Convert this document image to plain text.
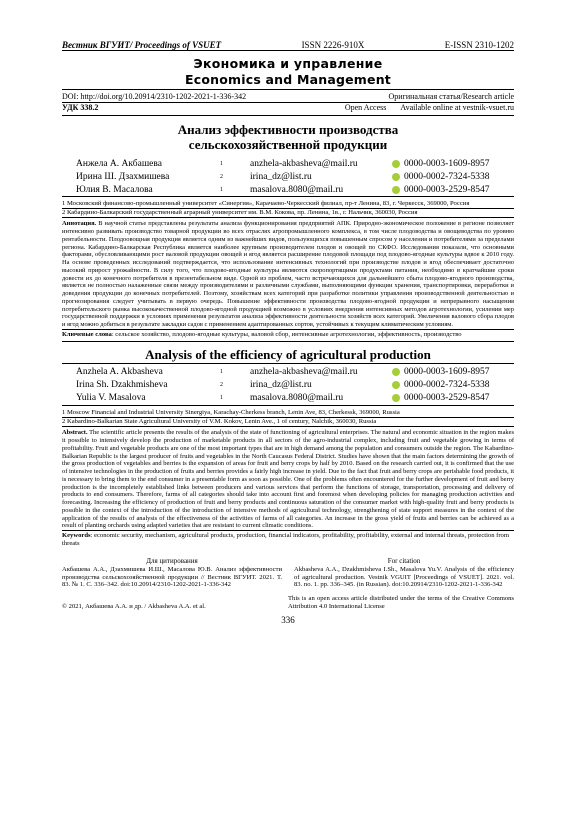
Вестник ВГУИТ/ Proceedings of VSUET	ISSN 2226-910X	E-ISSN 2310-1202
Экономика и управление
Economics and Management
DOI: http://doi.org/10.20914/2310-1202-2021-1-336-342	Оригинальная статья/Research article
УДК 338.2	Open Access Available online at vestnik-vsuet.ru
Анализ эффективности производства сельскохозяйственной продукции
Анжела А. Акбашева	1	anzhela-akbasheva@mail.ru	0000-0003-1609-8957
Ирина Ш. Дзахмишева	2	irina_dz@list.ru	0000-0002-7324-5338
Юлия В. Масалова	1	masalova.8080@mail.ru	0000-0003-2529-8547
1 Московский финансово-промышленный университет «Синергия», Карачаево-Черкесский филиал, пр-т Ленина, 83, г. Черкесск, 369000, Россия
2 Кабардино-Балкарский государственный аграрный университет им. В.М. Кокова, пр. Ленина, 1в., г. Нальчик, 360030, Россия
Аннотация. В научной статье представлены результаты анализа функционирования предприятий АПК. Природно-экономическое положение в регионе позволяет интенсивно развивать производство товарной продукции во всех отраслях агропромышленного комплекса, в том числе плодоводства и овощеводства по уровню рентабельности. Плодоовощная продукция является одним из важнейших видов, пользующихся повышенным спросом у населения и потребителями за пределами региона. Кабардино-Балкарская Республика является наиболее крупным производителем плодов и овощей по СКФО. Исследования показали, что основными факторами, обусловливающими рост валовой продукции овощей и ягод является расширение плодовой площади под плодово-ягодные культуры вдвое к 2010 году. На основе проведенных исследований подтверждается, что использование интенсивных технологий при производстве плодов и ягод обеспечивает достаточно высокий прирост урожайности. В силу того, что плодово-ягодные культуры являются скоропортящими продуктами питания, необходимо в кратчайшие сроки довести их до конечного потребителя в презентабельном виде. Одной из проблем, часто встречающихся для дальнейшего сбыта плодово-ягодного производства, является не полностью налаженные связи между производителями и различными службами, выполняющими функции хранения, транспортировки, переработки и доведения продукции до конечных потребителей. Поэтому, хозяйствам всех категорий при разработке политики управления производственной деятельностью и прогнозирования следует учитывать в первую очередь. Повышение эффективности производства плодово-ягодной продукции и непрерывного насыщения потребительского рынка высококачественной плодово-ягодной продукцией возможно в условиях внедрения интенсивных методов агротехнологии, усилении мер государственной поддержки в условиях применения результатов анализа эффективности деятельности хозяйств всех категорий. Увеличения валового сбора плодов и ягод можно добиться в результате закладки садов с применением адаптированных сортов, устойчивых к текущим климатическим условиям.
Ключевые слова: сельское хозяйство, плодово-ягодные культуры, валовой сбор, интенсивные агротехнологии, эффективность, производство
Analysis of the efficiency of agricultural production
Anzhela A. Akbasheva	1	anzhela-akbasheva@mail.ru	0000-0003-1609-8957
Irina Sh. Dzakhmisheva	2	irina_dz@list.ru	0000-0002-7324-5338
Yulia V. Masalova	1	masalova.8080@mail.ru	0000-0003-2529-8547
1 Moscow Financial and Industrial University Sinergiya, Karachay-Cherkess branch, Lenin Ave, 83, Cherkessk, 369000, Russia
2 Kabardino-Balkarian State Agricultural University of V.M. Kokov, Lenin Ave., 1 of century, Nalchik, 360030, Russia
Abstract. The scientific article presents the results of the analysis of the state of functioning of agricultural enterprises. The natural and economic situation in the region makes it possible to intensively develop the production of marketable products in all sectors of the agro-industrial complex, including fruit and vegetable growing in terms of profitability. Fruit and vegetable products are one of the most important types that are in high demand among the population and consumers outside the region. The Kabardino-Balkarian Republic is the largest producer of fruits and vegetables in the North Caucasus Federal District. Studies have shown that the main factors determining the growth of the gross production of vegetables and berries is the expansion of areas for fruit and berry crops by half by 2010. Based on the research carried out, it is confirmed that the use of intensive technologies in the production of fruits and berries provides a fairly high increase in yield. Due to the fact that fruit and berry crops are perishable food products, it is necessary to bring them to the end consumer in a presentable form as soon as possible. One of the problems often encountered for the further development of fruit and berry production is the incompletely established links between producers and various services that perform the functions of storage, transportation, processing and delivery of products to end consumers. Therefore, farms of all categories should take into account first and foremost when developing policies for managing production activities and forecasting. Increasing the efficiency of production of fruit and berry products and continuous saturation of the consumer market with high-quality fruit and berry products is possible in the context of the introduction of the introduction of intensive methods of agricultural technology, strengthening of state support measures in the context of the application of the results of analysis of the effectiveness of the activities of farms of all categories. An increase in the gross yield of fruits and berries can be achieved as a result of planting orchards using adapted varieties that are resistant to current climatic conditions.
Keywords: economic security, mechanism, agricultural products, production, financial indicators, profitability, profitability, external and internal threats, protection from threats
Для цитирования
Акбашева А.А., Дзахмишева И.Ш., Масалова Ю.В. Анализ эффективности производства сельскохозяйственной продукции // Вестник ВГУИТ. 2021. Т. 83. № 1. С. 336–342. doi:10.20914/2310-1202-2021-1-336-342
For citation
Akbasheva A.A., Dzakhmisheva I.Sh., Masalova Yu.V. Analysis of the efficiency of agricultural production. Vestnik VGUIT [Proceedings of VSUET]. 2021. vol. 83. no. 1. pp. 336–345. (in Russian). doi:10.20914/2310-1202-2021-1-336-342
© 2021, Акбашева А.А. и др. / Akbasheva A.A. et al.
This is an open access article distributed under the terms of the Creative Commons Attribution 4.0 International License
336
